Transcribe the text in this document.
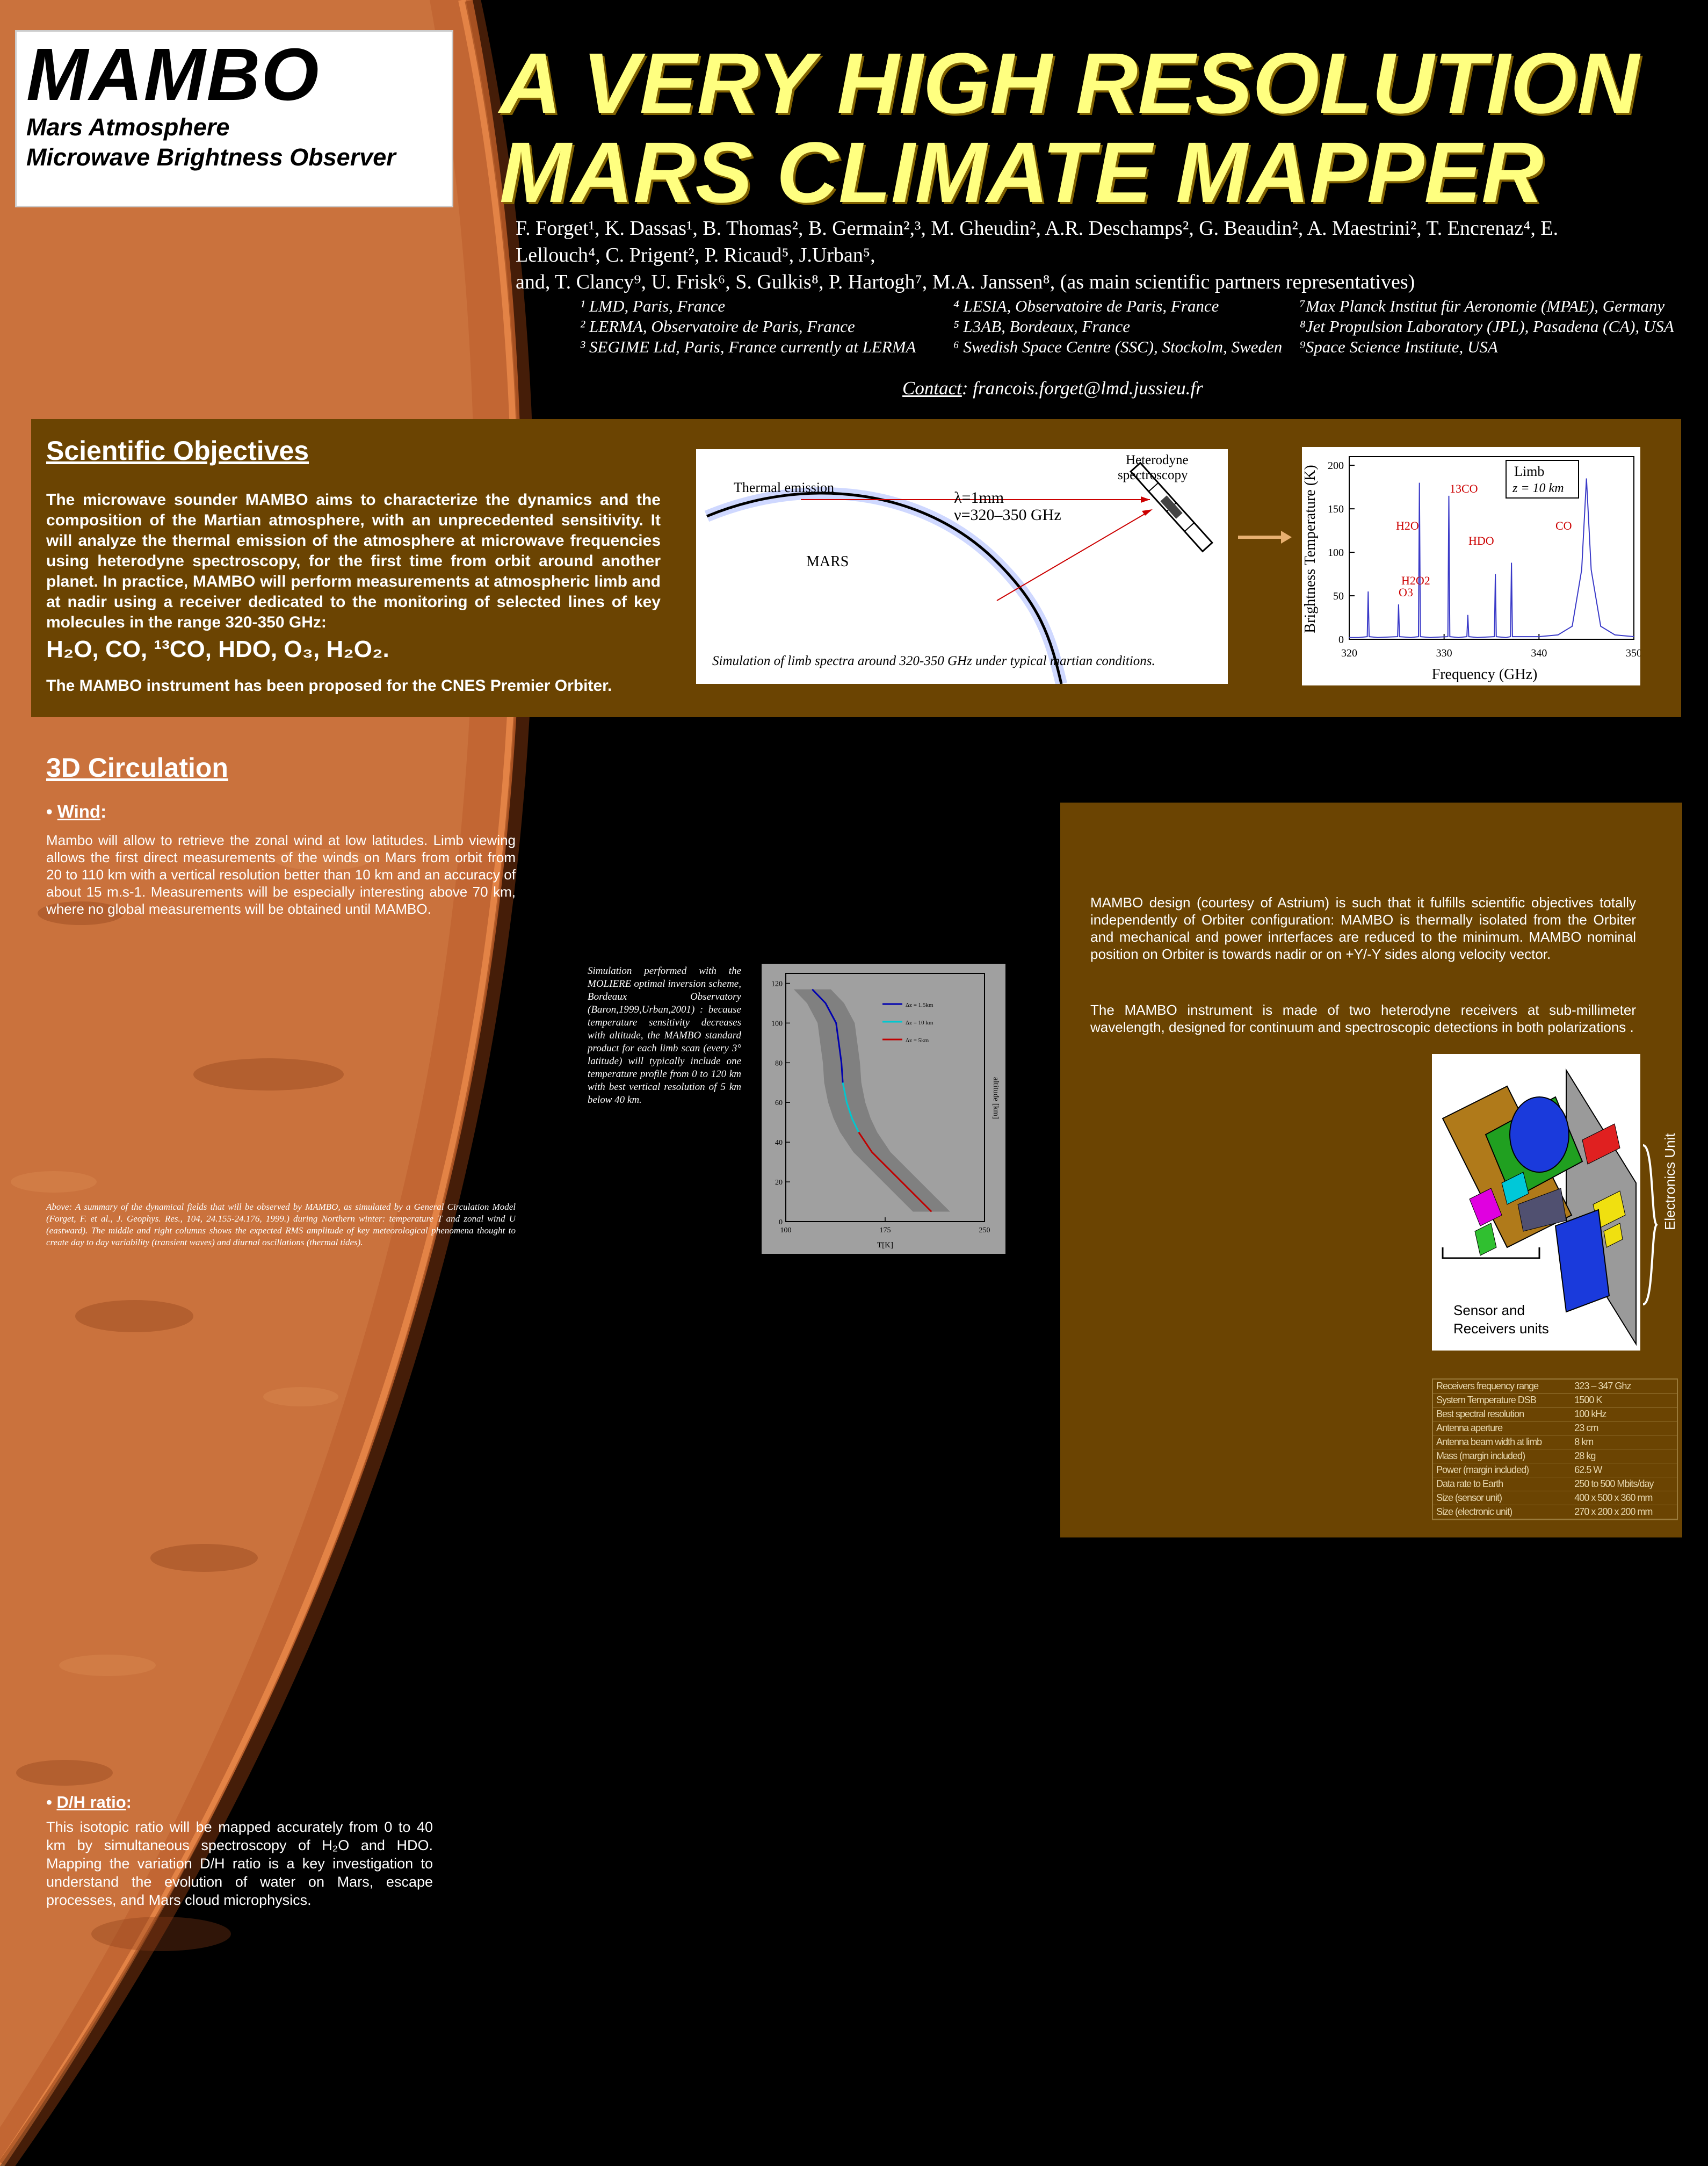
MAMBO
Mars Atmosphere
Microwave Brightness Observer
A VERY HIGH RESOLUTION
MARS CLIMATE MAPPER
F. Forget¹, K. Dassas¹, B. Thomas², B. Germain²,³, M. Gheudin², A.R. Deschamps², G. Beaudin², A. Maestrini², T. Encrenaz⁴, E.
Lellouch⁴, C. Prigent², P. Ricaud⁵, J.Urban⁵,
and, T. Clancy⁹, U. Frisk⁶, S. Gulkis⁸, P. Hartogh⁷, M.A. Janssen⁸, (as main scientific partners representatives)
¹ LMD, Paris, France
² LERMA, Observatoire de Paris, France
³ SEGIME Ltd, Paris, France currently at LERMA
⁴ LESIA, Observatoire de Paris, France
⁵ L3AB, Bordeaux, France
⁶ Swedish Space Centre (SSC), Stockolm, Sweden
⁷Max Planck Institut für Aeronomie (MPAE), Germany
⁸Jet Propulsion Laboratory (JPL), Pasadena (CA), USA
⁹Space Science Institute, USA
Contact: francois.forget@lmd.jussieu.fr
Scientific Objectives
The microwave sounder MAMBO aims to characterize the dynamics and the composition of the Martian atmosphere, with an unprecedented sensitivity. It will analyze the thermal emission of the atmosphere at microwave frequencies using heterodyne spectroscopy, for the first time from orbit around another planet. In practice, MAMBO will perform measurements at atmospheric limb and at nadir using a receiver dedicated to the monitoring of selected lines of key molecules in the range 320-350 GHz:
H₂O, CO, ¹³CO, HDO, O₃, H₂O₂.
The MAMBO instrument has been proposed for the CNES Premier Orbiter.
Thermal emission
Heterodyne
spectroscopy
λ=1mm
ν=320–350 GHz
MARS
Simulation of limb spectra around 320-350 GHz under typical martian conditions.
0
50
100
150
200
320	330	340	350
Limb
z = 10 km
13CO
H2O
HDO
CO
H2O2
O3
Frequency (GHz)
Brightness Temperature (K)
3D Circulation
• Wind:
Mambo will allow to retrieve the zonal wind at low latitudes. Limb viewing allows the first direct measurements of the winds on Mars from orbit from 20 to 110 km with a vertical resolution better than 10 km and an accuracy of about 15 m.s-1. Measurements will be especially interesting above 70 km, where no global measurements will be obtained until MAMBO.
Above: A summary of the dynamical fields that will be observed by MAMBO, as simulated by a General Circulation Model (Forget, F. et al., J. Geophys. Res., 104, 24.155-24.176, 1999.) during Northern winter: temperature T and zonal wind U (eastward). The middle and right columns shows the expected RMS amplitude of key meteorological phenomena thought to create day to day variability (transient waves) and diurnal oscillations (thermal tides).
Simulation performed with the MOLIERE optimal inversion scheme, Bordeaux Observatory (Baron,1999,Urban,2001) : because temperature sensitivity decreases with altitude, the MAMBO standard product for each limb scan (every 3° latitude) will typically include one temperature profile from 0 to 120 km with best vertical resolution of 5 km below 40 km.
0
20
40
60
80
100
120
100	175	250
Δz = 1.5km
Δz = 10 km
Δz = 5km
T[K]
altitude [km]
• D/H ratio:
This isotopic ratio will be mapped accurately from 0 to 40 km by simultaneous spectroscopy of H₂O and HDO. Mapping the variation D/H ratio is a key investigation to understand the evolution of water on Mars, escape processes, and Mars cloud microphysics.
MAMBO design (courtesy of Astrium) is such that it fulfills scientific objectives totally independently of Orbiter configuration: MAMBO is thermally isolated from the Orbiter and mechanical and power inrterfaces are reduced to the minimum. MAMBO nominal position on Orbiter is towards nadir or on +Y/-Y sides along velocity vector.
The MAMBO instrument is made of two heterodyne receivers at sub-millimeter wavelength, designed for continuum and spectroscopic detections in both polarizations .
Sensor and
Receivers units
Electronics Unit
Receivers frequency range	323 – 347 Ghz
System Temperature DSB	1500 K
Best spectral resolution	100 kHz
Antenna aperture	23 cm
Antenna beam width at limb	8 km
Mass (margin included)	28 kg
Power (margin included)	62.5 W
Data rate to Earth	250 to 500 Mbits/day
Size (sensor unit)	400 x 500 x 360 mm
Size (electronic unit)	270 x 200 x 200 mm
